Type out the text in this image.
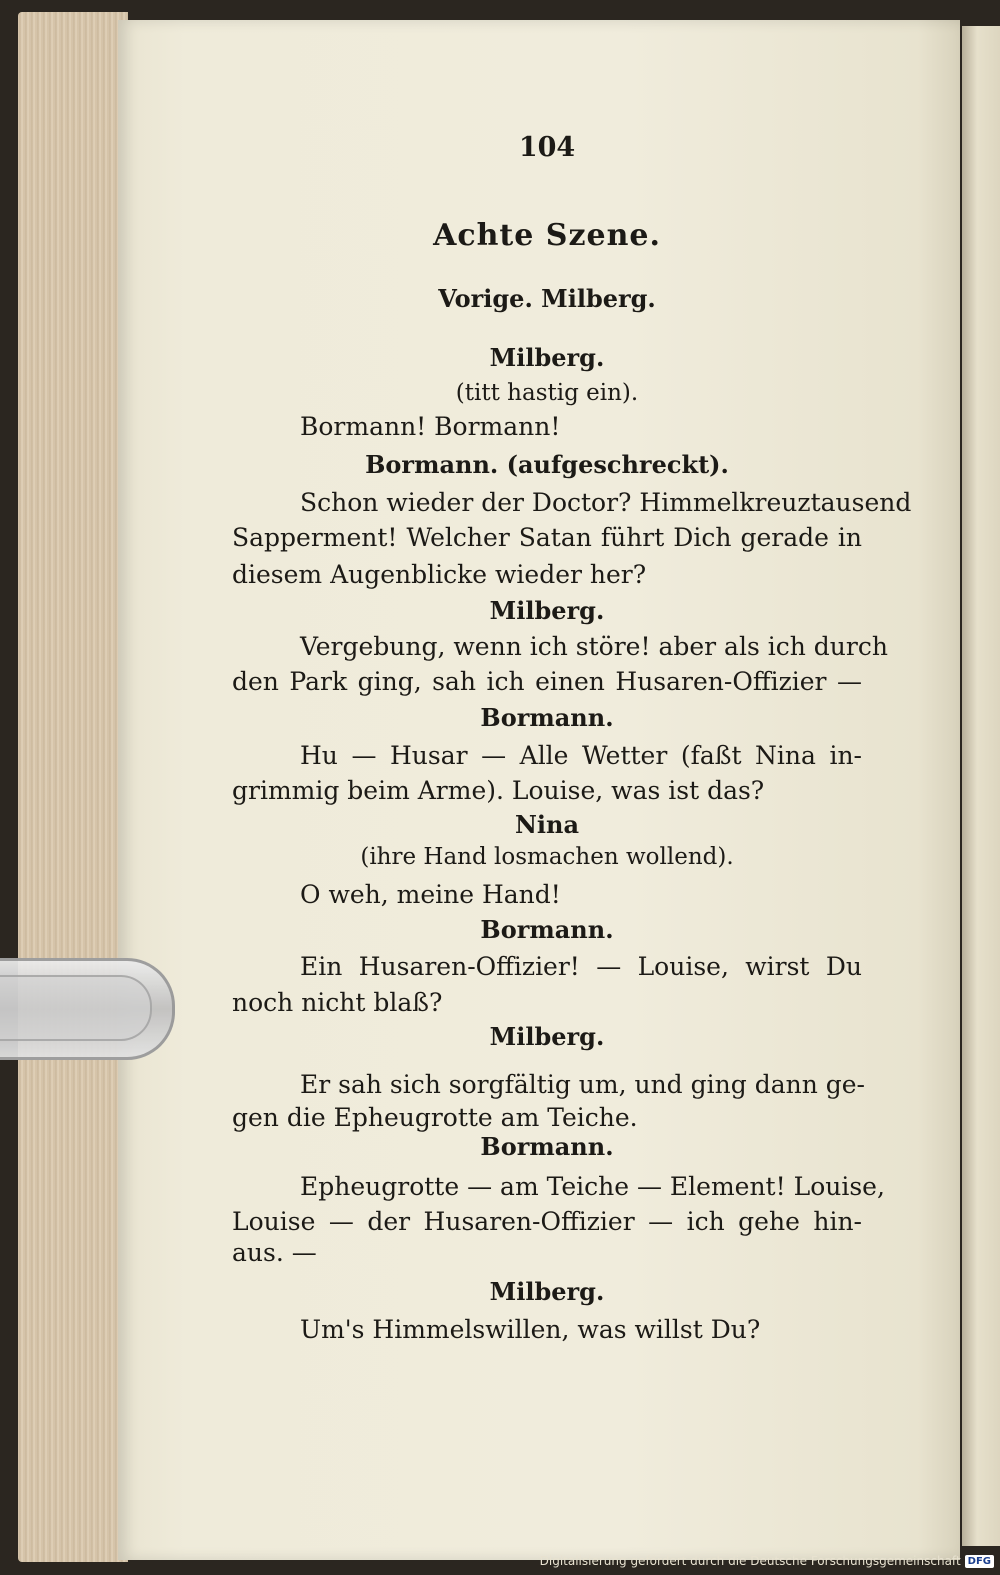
104
Achte Szene.
Vorige. Milberg.
Milberg.
(titt hastig ein).
Bormann! Bormann!
Bormann. (aufgeschreckt).
Schon wieder der Doctor? Himmelkreuztausend
Sapperment! Welcher Satan führt Dich gerade in
diesem Augenblicke wieder her?
Milberg.
Vergebung, wenn ich störe! aber als ich durch
den Park ging, sah ich einen Husaren-Offizier —
Bormann.
Hu — Husar — Alle Wetter (faßt Nina in-
grimmig beim Arme). Louise, was ist das?
Nina
(ihre Hand losmachen wollend).
O weh, meine Hand!
Bormann.
Ein Husaren-Offizier! — Louise, wirst Du
noch nicht blaß?
Milberg.
Er sah sich sorgfältig um, und ging dann ge-
gen die Epheugrotte am Teiche.
Bormann.
Epheugrotte — am Teiche — Element! Louise,
Louise — der Husaren-Offizier — ich gehe hin-
aus. —
Milberg.
Um's Himmelswillen, was willst Du?
Digitalisierung gefördert durch die Deutsche Forschungsgemeinschaft DFG
